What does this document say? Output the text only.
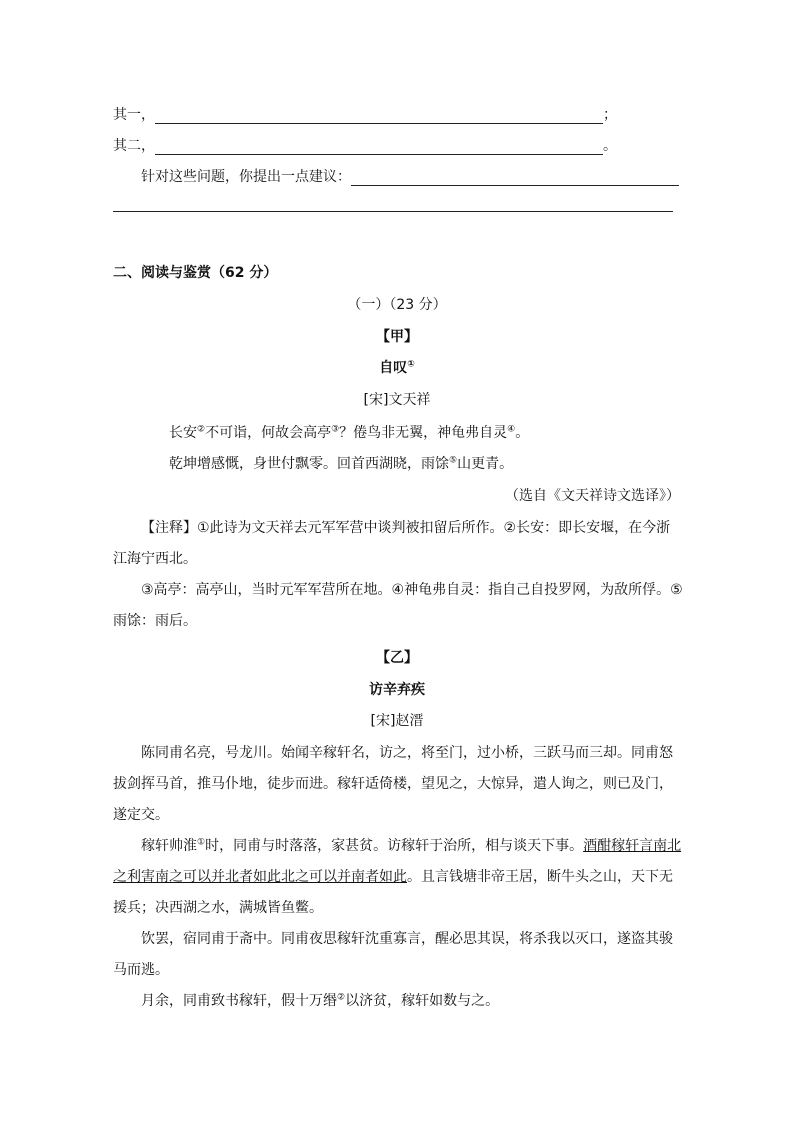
其一，	；
其二，	。
针对这些问题，你提出一点建议：
二、阅读与鉴赏（62 分）
（一）（23 分）
【甲】
自叹①
[宋]文天祥
长安②不可诣，何故会高亭③？倦鸟非无翼，神龟弗自灵④。
乾坤增感慨，身世付飘零。回首西湖晓，雨馀⑤山更青。
（选自《文天祥诗文选译》）
【注释】①此诗为文天祥去元军军营中谈判被扣留后所作。②长安：即长安堰，在今浙江海宁西北。
③高亭：高亭山，当时元军军营所在地。④神龟弗自灵：指自己自投罗网，为敌所俘。⑤雨馀：雨后。
【乙】
访辛弃疾
[宋]赵溍
陈同甫名亮，号龙川。始闻辛稼轩名，访之，将至门，过小桥，三跃马而三却。同甫怒拔剑挥马首，推马仆地，徒步而进。稼轩适倚楼，望见之，大惊异，遣人询之，则已及门，遂定交。
稼轩帅淮①时，同甫与时落落，家甚贫。访稼轩于治所，相与谈天下事。酒酣稼轩言南北之利害南之可以并北者如此北之可以并南者如此。且言钱塘非帝王居，断牛头之山，天下无援兵；决西湖之水，满城皆鱼鳖。
饮罢，宿同甫于斋中。同甫夜思稼轩沈重寡言，醒必思其误，将杀我以灭口，遂盗其骏马而逃。
月余，同甫致书稼轩，假十万缗②以济贫，稼轩如数与之。
